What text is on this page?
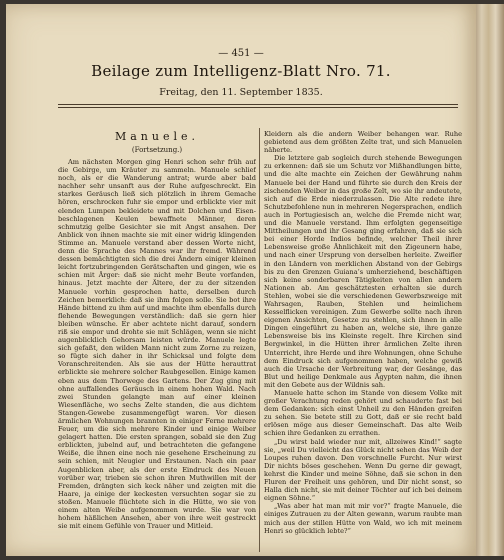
— 451 —
Beilage zum Intelligenz-Blatt Nro. 71.
Freitag, den 11. September 1835.
Manuele.
(Fortsetzung.)

Am nächsten Morgen ging Henri schon sehr früh auf die Gebirge, um Kräuter zu sammeln. Manuele schlief noch, als er die Wanderung antrat; wurde aber bald nachher sehr unsanft aus der Ruhe aufgeschreckt. Ein starkes Geräusch ließ sich plötzlich in ihrem Gemache hören, erschrocken fuhr sie empor und erblickte vier mit elenden Lumpen bekleidete und mit Dolchen und Eisen-beschlagenen Keulen bewaffnete Männer, deren schmutzig gelbe Gesichter sie mit Angst ansahen. Der Anblick von ihnen machte sie mit einer widrig klingenden Stimme an. Manuele verstand aber dessen Worte nicht, denn die Sprache des Mannes war ihr fremd. Während dessen bemächtigten sich die drei Ändern einiger kleinen leicht fortzubringenden Gerätschaften und gingen, wie es schien mit Ärger: daß sie nicht mehr Beute vorfanden, hinaus. Jetzt machte der Ältere, der zu der sitzenden Manuele vorhin gesprochen hatte, derselben durch Zeichen bemerklich: daß sie ihm folgen solle. Sie bot ihre Hände bittend zu ihm auf und machte ihm ebenfalls durch flehende Bewegungen verständlich: daß sie gern hier bleiben wünsche. Er aber achtete nicht darauf, sondern riß sie empor und drohte sie mit Schlägen, wenn sie nicht augenblicklich Gehorsam leisten würde. Manuele legte sich gefaßt, den wilden Mann nicht zum Zorne zu reizen, so fügte sich daher in ihr Schicksal und folgte dem Voranschreitenden. Als sie aus der Hütte herauttrat erblickte sie mehrere solcher Raubgesellen. Einige kamen eben aus dem Thorwege des Gartens. Der Zug ging mit ohne auffallendes Geräusch in einem hohen Wald. Nach zwei Stunden gelangte man auf einer kleinen Wiesenfläche, wo sechs Zelte standen, die aus dichtem Stangen-Gewebe zusammengefügt waren. Vor diesen ärmlichen Wohnungen brannten in einiger Ferne mehrere Feuer, um die sich mehrere Kinder und einige Weiber gelagert hatten. Die ersten sprangen, sobald sie den Zug erblickten, jubelnd auf, und betrachteten die gefangene Weiße, die ihnen eine noch nie gesehene Erscheinung zu sein schien, mit Neugier und Erstaunen. Nach ein paar Augenblicken aber, als der erste Eindruck des Neuen vorüber war, trieben sie schon ihren Muthwillen mit der Fremden, drängten sich keck näher und zeigten mit die Haare, ja einige der keckesten versuchten sogar sie zu stoßen. Manuele flüchtete sich in die Hütte, wo sie von einem alten Weibe aufgenommen wurde. Sie war von hohem häßlichen Ansehen, aber von ihre weit gestreckt sie mit einem Gefühle von Trauer und Mitleid.

Kleidern als die andern Weiber behangen war. Ruhe gebietend aus dem größten Zelte trat, und sich Manuelen näherte.

Die letztere gab sogleich durch stehende Bewegungen zu erkennen: daß sie um Schutz vor Mißhandlungen bitte, und die alte machte ein Zeichen der Gewährung nahm Manuele bei der Hand und führte sie durch den Kreis der zischenden Weiber in das große Zelt, wo sie ihr andeutete, sich auf die Erde niederzulassen. Die Alte redete ihre Schutzbefohlene nun in mehreren Negersprachen, endlich auch in Portugiesisch an, welche die Fremde nicht war, und die Manuele verstand. Ihm erfolgten gegenseitige Mittheilungen und ihr Gesang ging erfahren, daß sie sich bei einer Horde Indios befinde, welcher Theil ihrer Lebensweise große Ähnlichkeit mit den Zigeunern habe, und nach einer Ursprung von derselben herleite. Zweifler in den Ländern von merklichen Abstand von der Gebirgs bis zu den Grenzen Guiana’s umherziehend, beschäftigen sich keine sonderbaren Tätigkeiten von allen andern Nationen ab. Am geschätztesten erhalten sie durch Stehlen, wobei sie die verschiedenen Gewerbszweige mit Wahrsagen, Rauben, Stehlen und heimlichem Kesselflicken vereinigen. Zum Gewerbe sollte nach ihren eigenen Ansichten, Gesetze zu stehlen, sich ihnen in alle Dingen eingeführt zu haben an, welche sie, ihre ganze Lebensweise bis ins Kleinste regelt. Ihre Kirchen sind Bergwinkel, in die Hütten ihrer ärmlichen Zelte ihren Unterricht, ihre Herde und ihre Wohnungen, ohne Schuhe dem Eindruck sich aufgenommen haben, welche gewiß auch die Ursache der Verbreitung war, der Gesänge, das Blut und heilige Denkmale aus Ägypten nahm, die ihnen mit den Gebete aus der Wildnis sah.

Manuele hatte schon im Stande von diesem Volke mit großer Verachtung reden gehört und schauderte fast bei dem Gedanken: sich einst Unheil zu den Händen greifen zu sehen. Sie betete still zu Gott, daß er sie recht bald erlösen möge aus dieser Gemeinschaft. Das alte Weib schien ihre Gedanken zu errathen.

„Du wirst bald wieder nur mit, allzeiwes Kind!“ sagte sie, „weil Du vielleicht das Glück nicht sehen das Weib der Loupes ruhen davon. Den vorschnelle Furcht. Nur wirst Dir nichts böses geschehen. Wenn Du gerne dir gewagt, kehrst die Kinder und meine Söhne, daß sie schon in den Fluren der Freiheit uns gehören, und Dir nicht sonst, so Halla dich nicht, sie mit deiner Töchter auf ich bei deinem eignen Söhne.“

„Was aber hat man mit mir vor?“ fragte Manuele, die einiges Zutrauen zu der Alten gewann, warum raubte man mich aus der stillen Hütte von Wald, wo ich mit meinem Henri so glücklich lebte?“
